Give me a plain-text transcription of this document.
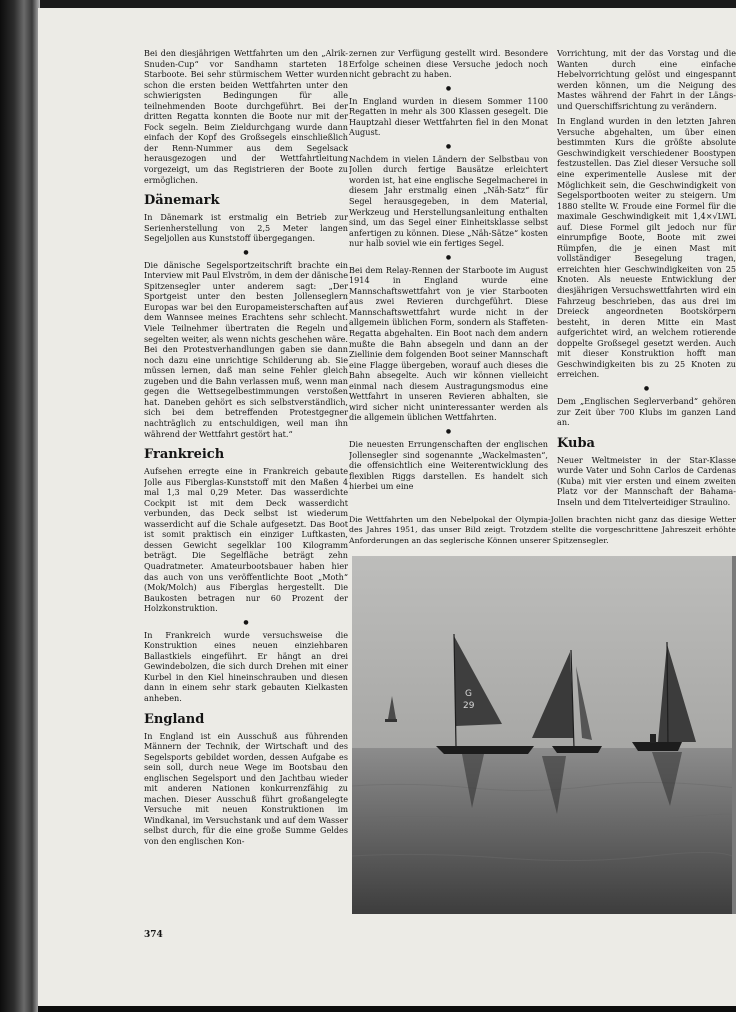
Bei den diesjährigen Wettfahrten um den „Alrik-Snuden-Cup“ vor Sandhamn starteten 18 Starboote. Bei sehr stürmischem Wetter wurden schon die ersten beiden Wettfahrten unter den schwierigsten Bedingungen für alle teilnehmenden Boote durchgeführt. Bei der dritten Regatta konnten die Boote nur mit der Fock segeln. Beim Zieldurchgang wurde dann einfach der Kopf des Großsegels einschließlich der Renn-Nummer aus dem Segelsack herausgezogen und der Wettfahrtleitung vorgezeigt, um das Registrieren der Boote zu ermöglichen.

Dänemark

In Dänemark ist erstmalig ein Betrieb zur Serienherstellung von 2,5 Meter langen Segeljollen aus Kunststoff übergegangen.

●

Die dänische Segelsportzeitschrift brachte ein Interview mit Paul Elvström, in dem der dänische Spitzensegler unter anderem sagt: „Der Sportgeist unter den besten Jollenseglern Europas war bei den Europameisterschaften auf dem Wannsee meines Erachtens sehr schlecht. Viele Teilnehmer übertraten die Regeln und segelten weiter, als wenn nichts geschehen wäre. Bei den Protestverhandlungen gaben sie dann noch dazu eine unrichtige Schilderung ab. Sie müssen lernen, daß man seine Fehler gleich zugeben und die Bahn verlassen muß, wenn man gegen die Wettsegelbestimmungen verstoßen hat. Daneben gehört es sich selbstverständlich, sich bei dem betreffenden Protestgegner nachträglich zu entschuldigen, weil man ihn während der Wettfahrt gestört hat.“

Frankreich

Aufsehen erregte eine in Frankreich gebaute Jolle aus Fiberglas-Kunststoff mit den Maßen 4 mal 1,3 mal 0,29 Meter. Das wasserdichte Cockpit ist mit dem Deck wasserdicht verbunden, das Deck selbst ist wiederum wasserdicht auf die Schale aufgesetzt. Das Boot ist somit praktisch ein einziger Luftkasten, dessen Gewicht segelklar 100 Kilogramm beträgt. Die Segelfläche beträgt zehn Quadratmeter. Amateurbootsbauer haben hier das auch von uns veröffentlichte Boot „Moth“ (Mok/Molch) aus Fiberglas hergestellt. Die Baukosten betragen nur 60 Prozent der Holzkonstruktion.

●

In Frankreich wurde versuchsweise die Konstruktion eines neuen einziehbaren Ballastkiels eingeführt. Er hängt an drei Gewindebolzen, die sich durch Drehen mit einer Kurbel in den Kiel hineinschrauben und diesen dann in einem sehr stark gebauten Kielkasten anheben.

England

In England ist ein Ausschuß aus führenden Männern der Technik, der Wirtschaft und des Segelsports gebildet worden, dessen Aufgabe es sein soll, durch neue Wege im Bootsbau den englischen Segelsport und den Jachtbau wieder mit anderen Nationen konkurrenzfähig zu machen. Dieser Ausschuß führt großangelegte Versuche mit neuen Konstruktionen im Windkanal, im Versuchstank und auf dem Wasser selbst durch, für die eine große Summe Geldes von den englischen Kon-

zernen zur Verfügung gestellt wird. Besondere Erfolge scheinen diese Versuche jedoch noch nicht gebracht zu haben.

●

In England wurden in diesem Sommer 1100 Regatten in mehr als 300 Klassen gesegelt. Die Hauptzahl dieser Wettfahrten fiel in den Monat August.

●

Nachdem in vielen Ländern der Selbstbau von Jollen durch fertige Bausätze erleichtert worden ist, hat eine englische Segelmacherei in diesem Jahr erstmalig einen „Näh-Satz“ für Segel herausgegeben, in dem Material, Werkzeug und Herstellungsanleitung enthalten sind, um das Segel einer Einheitsklasse selbst anfertigen zu können. Diese „Näh-Sätze“ kosten nur halb soviel wie ein fertiges Segel.

●

Bei dem Relay-Rennen der Starboote im August 1914 in England wurde eine Mannschaftswettfahrt von je vier Starbooten aus zwei Revieren durchgeführt. Diese Mannschaftswettfahrt wurde nicht in der allgemein üblichen Form, sondern als Staffeten-Regatta abgehalten. Ein Boot nach dem andern mußte die Bahn absegeln und dann an der Ziellinie dem folgenden Boot seiner Mannschaft eine Flagge übergeben, worauf auch dieses die Bahn absegelte. Auch wir können vielleicht einmal nach diesem Austragungsmodus eine Wettfahrt in unseren Revieren abhalten, sie wird sicher nicht uninteressanter werden als die allgemein üblichen Wettfahrten.

●

Die neuesten Errungenschaften der englischen Jollensegler sind sogenannte „Wackelmasten“, die offensichtlich eine Weiterentwicklung des flexiblen Riggs darstellen. Es handelt sich hierbei um eine

Vorrichtung, mit der das Vorstag und die Wanten durch eine einfache Hebelvorrichtung gelöst und eingespannt werden können, um die Neigung des Mastes während der Fahrt in der Längs- und Querschiffsrichtung zu verändern.

In England wurden in den letzten Jahren Versuche abgehalten, um über einen bestimmten Kurs die größte absolute Geschwindigkeit verschiedener Boostypen festzustellen. Das Ziel dieser Versuche soll eine experimentelle Auslese mit der Möglichkeit sein, die Geschwindigkeit von Segelsportbooten weiter zu steigern. Um 1880 stellte W. Froude eine Formel für die maximale Geschwindigkeit mit 1,4×√LWL auf. Diese Formel gilt jedoch nur für einrumpfige Boote, Boote mit zwei Rümpfen, die je einen Mast mit vollständiger Besegelung tragen, erreichten hier Geschwindigkeiten von 25 Knoten. Als neueste Entwicklung der diesjährigen Versuchswettfahrten wird ein Fahrzeug beschrieben, das aus drei im Dreieck angeordneten Bootskörpern besteht, in deren Mitte ein Mast aufgerichtet wird, an welchem rotierende doppelte Großsegel gesetzt werden. Auch mit dieser Konstruktion hofft man Geschwindigkeiten bis zu 25 Knoten zu erreichen.

●

Dem „Englischen Seglerverband“ gehören zur Zeit über 700 Klubs im ganzen Land an.

Kuba

Neuer Weltmeister in der Star-Klasse wurde Vater und Sohn Carlos de Cardenas (Kuba) mit vier ersten und einem zweiten Platz vor der Mannschaft der Bahama-Inseln und dem Titelverteidiger Straulino.

Die Wettfahrten um den Nebelpokal der Olympia-Jollen brachten nicht ganz das diesige Wetter des Jahres 1951, das unser Bild zeigt. Trotzdem stellte die vorgeschrittene Jahreszeit erhöhte Anforderungen an das seglerische Können unserer Spitzensegler.
G
29
374
